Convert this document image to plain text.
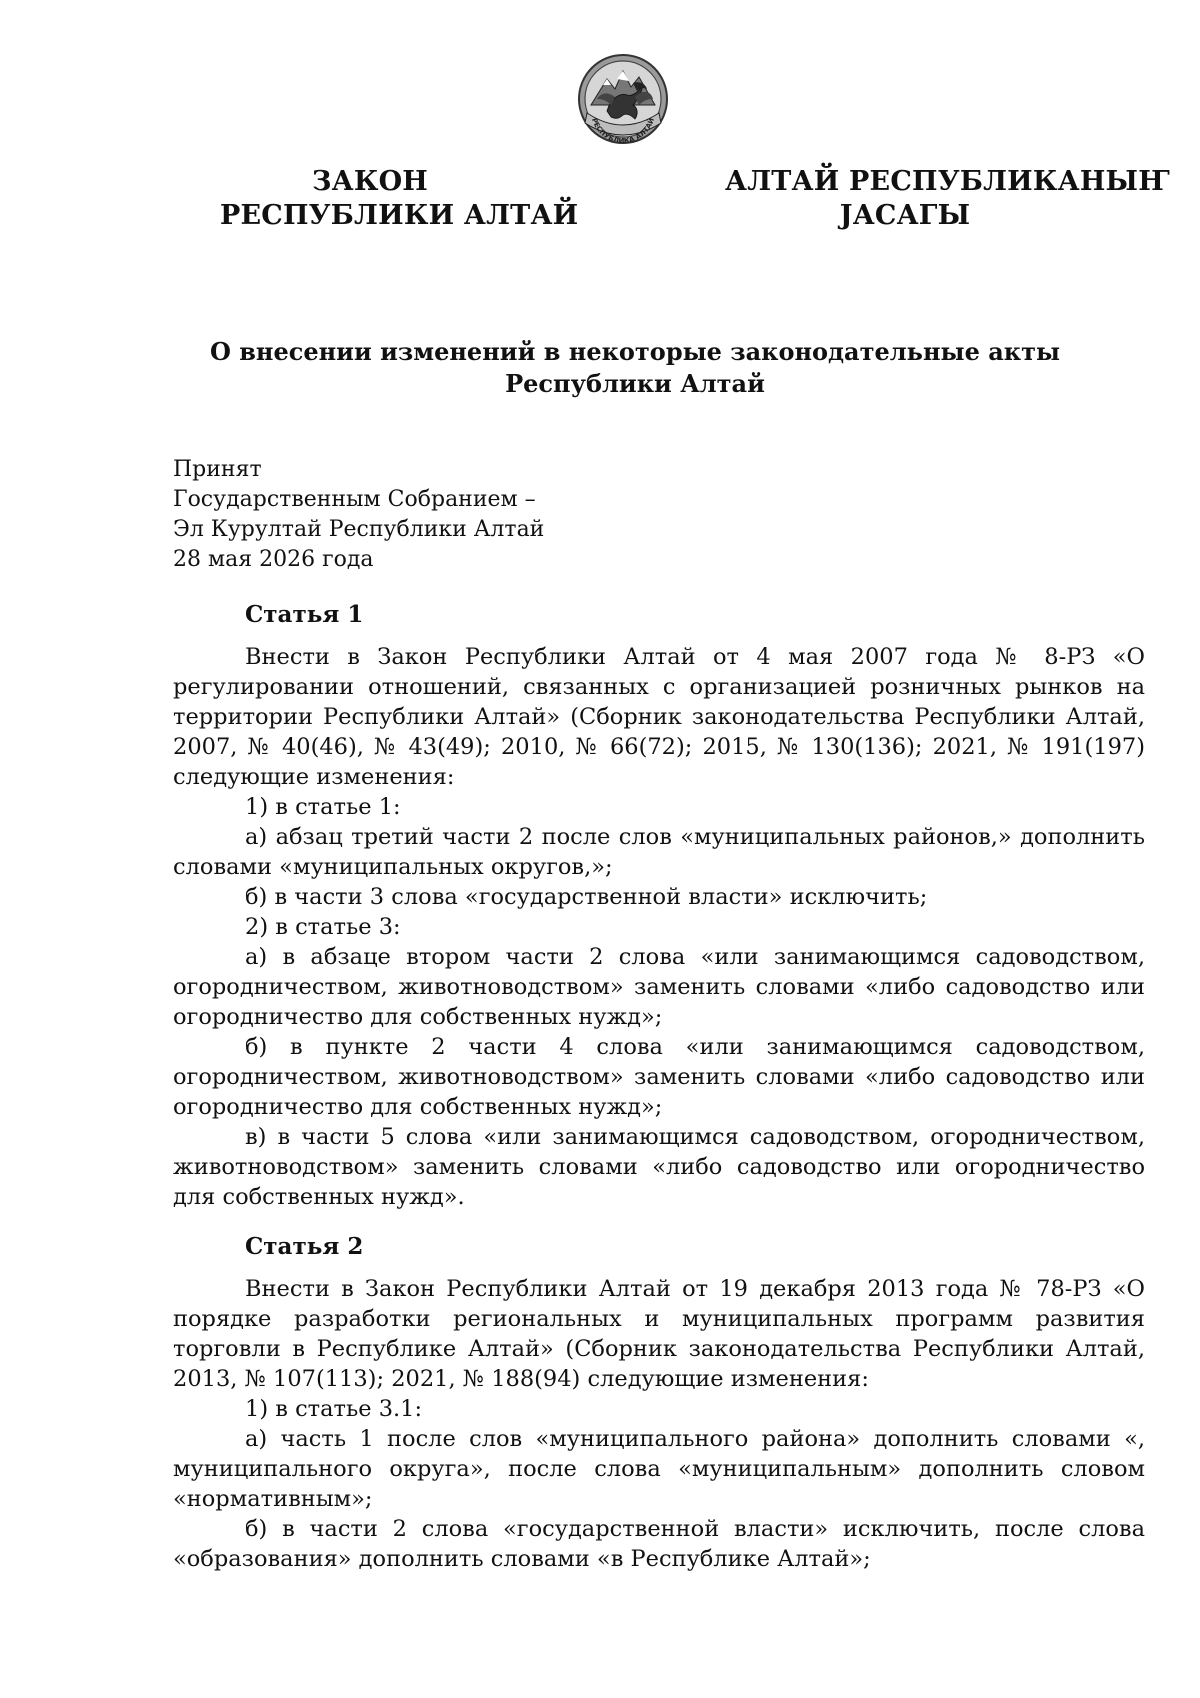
РЕСПУБЛИКА АЛТАЙ
ЗАКОН
РЕСПУБЛИКИ АЛТАЙ
АЛТАЙ РЕСПУБЛИКАНЫҤ
ЈАСАГЫ
О внесении изменений в некоторые законодательные акты
Республики Алтай
Принят
Государственным Собранием –
Эл Курултай Республики Алтай
28 мая 2026 года
Статья 1

Внести в Закон Республики Алтай от 4 мая 2007 года № 8-РЗ «О регулировании отношений, связанных с организацией розничных рынков на территории Республики Алтай» (Сборник законодательства Республики Алтай, 2007, № 40(46), № 43(49); 2010, № 66(72); 2015, № 130(136); 2021, № 191(197) следующие изменения:

1) в статье 1:

а) абзац третий части 2 после слов «муниципальных районов,» дополнить словами «муниципальных округов,»;

б) в части 3 слова «государственной власти» исключить;

2) в статье 3:

а) в абзаце втором части 2 слова «или занимающимся садоводством, огородничеством, животноводством» заменить словами «либо садоводство или огородничество для собственных нужд»;

б) в пункте 2 части 4 слова «или занимающимся садоводством, огородничеством, животноводством» заменить словами «либо садоводство или огородничество для собственных нужд»;

в) в части 5 слова «или занимающимся садоводством, огородничеством, животноводством» заменить словами «либо садоводство или огородничество для собственных нужд».

Статья 2

Внести в Закон Республики Алтай от 19 декабря 2013 года № 78-РЗ «О порядке разработки региональных и муниципальных программ развития торговли в Республике Алтай» (Сборник законодательства Республики Алтай, 2013, № 107(113); 2021, № 188(94) следующие изменения:

1) в статье 3.1:

а) часть 1 после слов «муниципального района» дополнить словами «, муниципального округа», после слова «муниципальным» дополнить словом «нормативным»;

б) в части 2 слова «государственной власти» исключить, после слова «образования» дополнить словами «в Республике Алтай»;
